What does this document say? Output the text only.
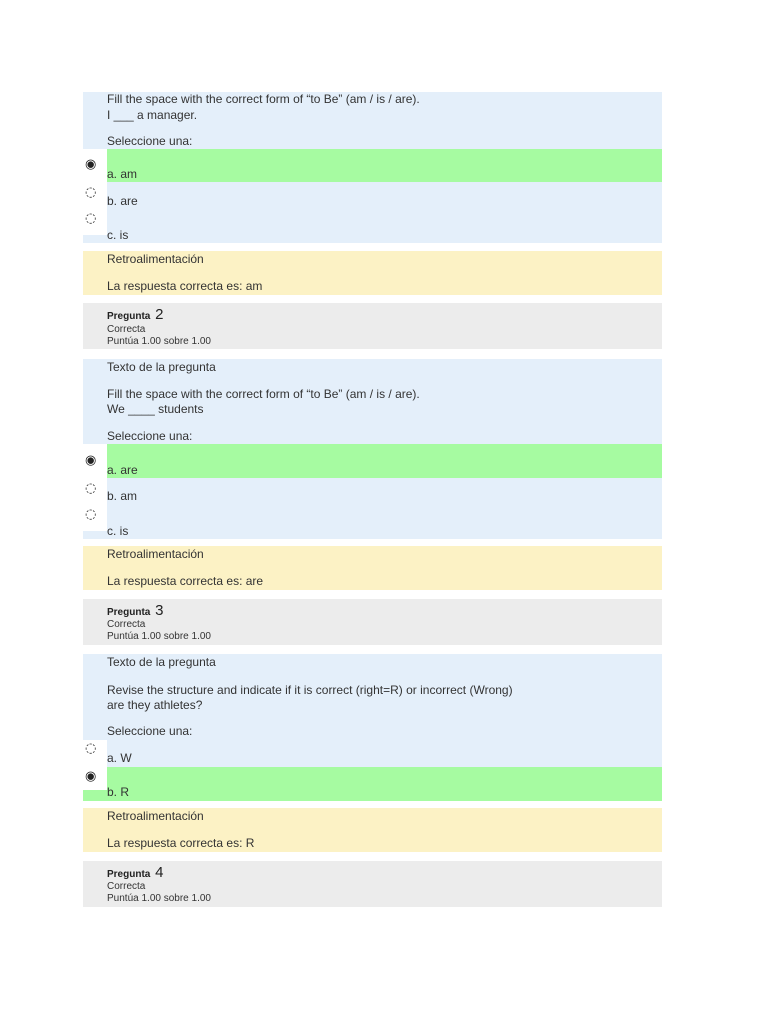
Fill the space with the correct form of “to Be” (am / is / are).
I ___ a manager.
Seleccione una:
◉
a. am
◌
b. are
◌
c. is
Retroalimentación
La respuesta correcta es: am
Pregunta 2
Correcta
Puntúa 1.00 sobre 1.00
Texto de la pregunta
Fill the space with the correct form of “to Be” (am / is / are).
We ____ students
Seleccione una:
◉
a. are
◌ b. am
◌
c. is
Retroalimentación
La respuesta correcta es: are
Pregunta 3
Correcta
Puntúa 1.00 sobre 1.00
Texto de la pregunta
Revise the structure and indicate if it is correct (right=R) or incorrect (Wrong)
are they athletes?
Seleccione una:
◌
a. W
◉
b. R
Retroalimentación
La respuesta correcta es: R
Pregunta 4
Correcta
Puntúa 1.00 sobre 1.00
